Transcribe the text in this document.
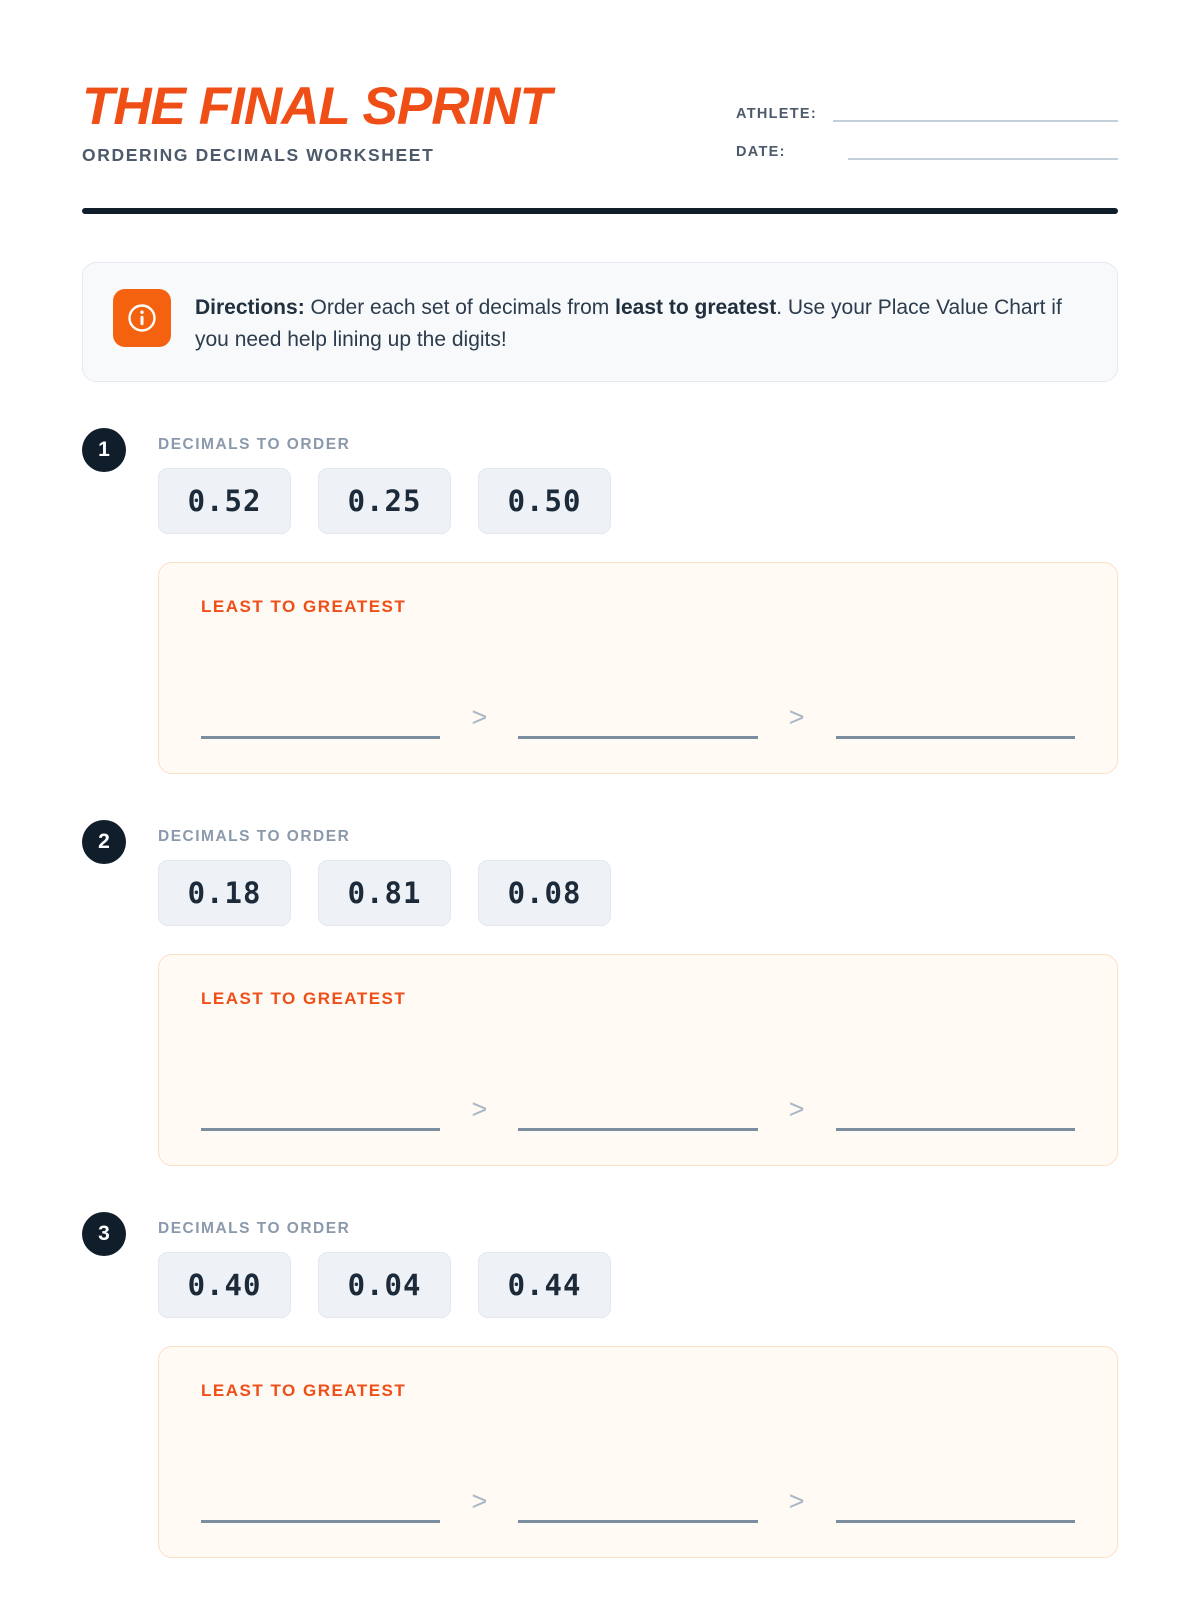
THE FINAL SPRINT
ORDERING DECIMALS WORKSHEET
ATHLETE:
DATE:
Directions: Order each set of decimals from least to greatest. Use your Place Value Chart if you need help lining up the digits!
1	DECIMALS TO ORDER
0.52	0.25	0.50
LEAST TO GREATEST
>	>
2	DECIMALS TO ORDER
0.18	0.81	0.08
LEAST TO GREATEST
>	>
3	DECIMALS TO ORDER
0.40	0.04	0.44
LEAST TO GREATEST
>	>
